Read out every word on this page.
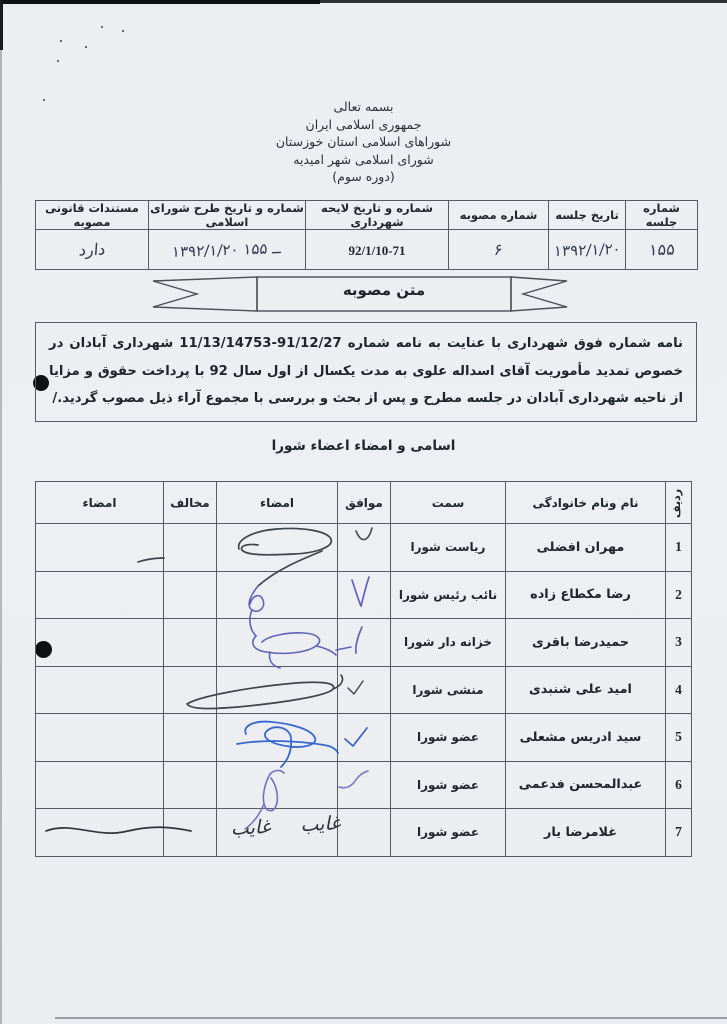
بسمه تعالی
جمهوری اسلامی ایران
شوراهای اسلامی استان خوزستان
شورای اسلامی شهر امیدیه
(دوره سوم)
شماره جلسه	تاریخ جلسه	شماره مصوبه	شماره و تاریخ لایحه شهرداری	شماره و تاریخ طرح شورای اسلامی	مستندات قانونی مصوبه
۱۵۵	۱۳۹۲/۱/۲۰	۶	92/1/10-71	۱۳۹۲/۱/۲۰ ــ ۱۵۵	دارد
متن مصوبه

نامه شماره فوق شهرداری با عنایت به نامه شماره 91/12/27-11/13/14753 شهرداری آبادان در خصوص تمدید مأموریت آقای اسداله علوی به مدت یکسال از اول سال 92 با پرداخت حقوق و مزایا از ناحیه شهرداری آبادان در جلسه مطرح و پس از بحث و بررسی با مجموع آراء ذیل مصوب گردید./

اسامی و امضاء اعضاء شورا
ردیف	نام ونام خانوادگی	سمت	موافق	امضاء	مخالف	امضاء
1	مهران افضلی	ریاست شورا				
2	رضا مکطاع زاده	نائب رئیس شورا				
3	حمیدرضا باقری	خزانه دار شورا				
4	امید علی شنبدی	منشی شورا				
5	سید ادریس مشعلی	عضو شورا				
6	عبدالمحسن فدعمی	عضو شورا				
7	غلامرضا یار	عضو شورا				
غایب غایب
